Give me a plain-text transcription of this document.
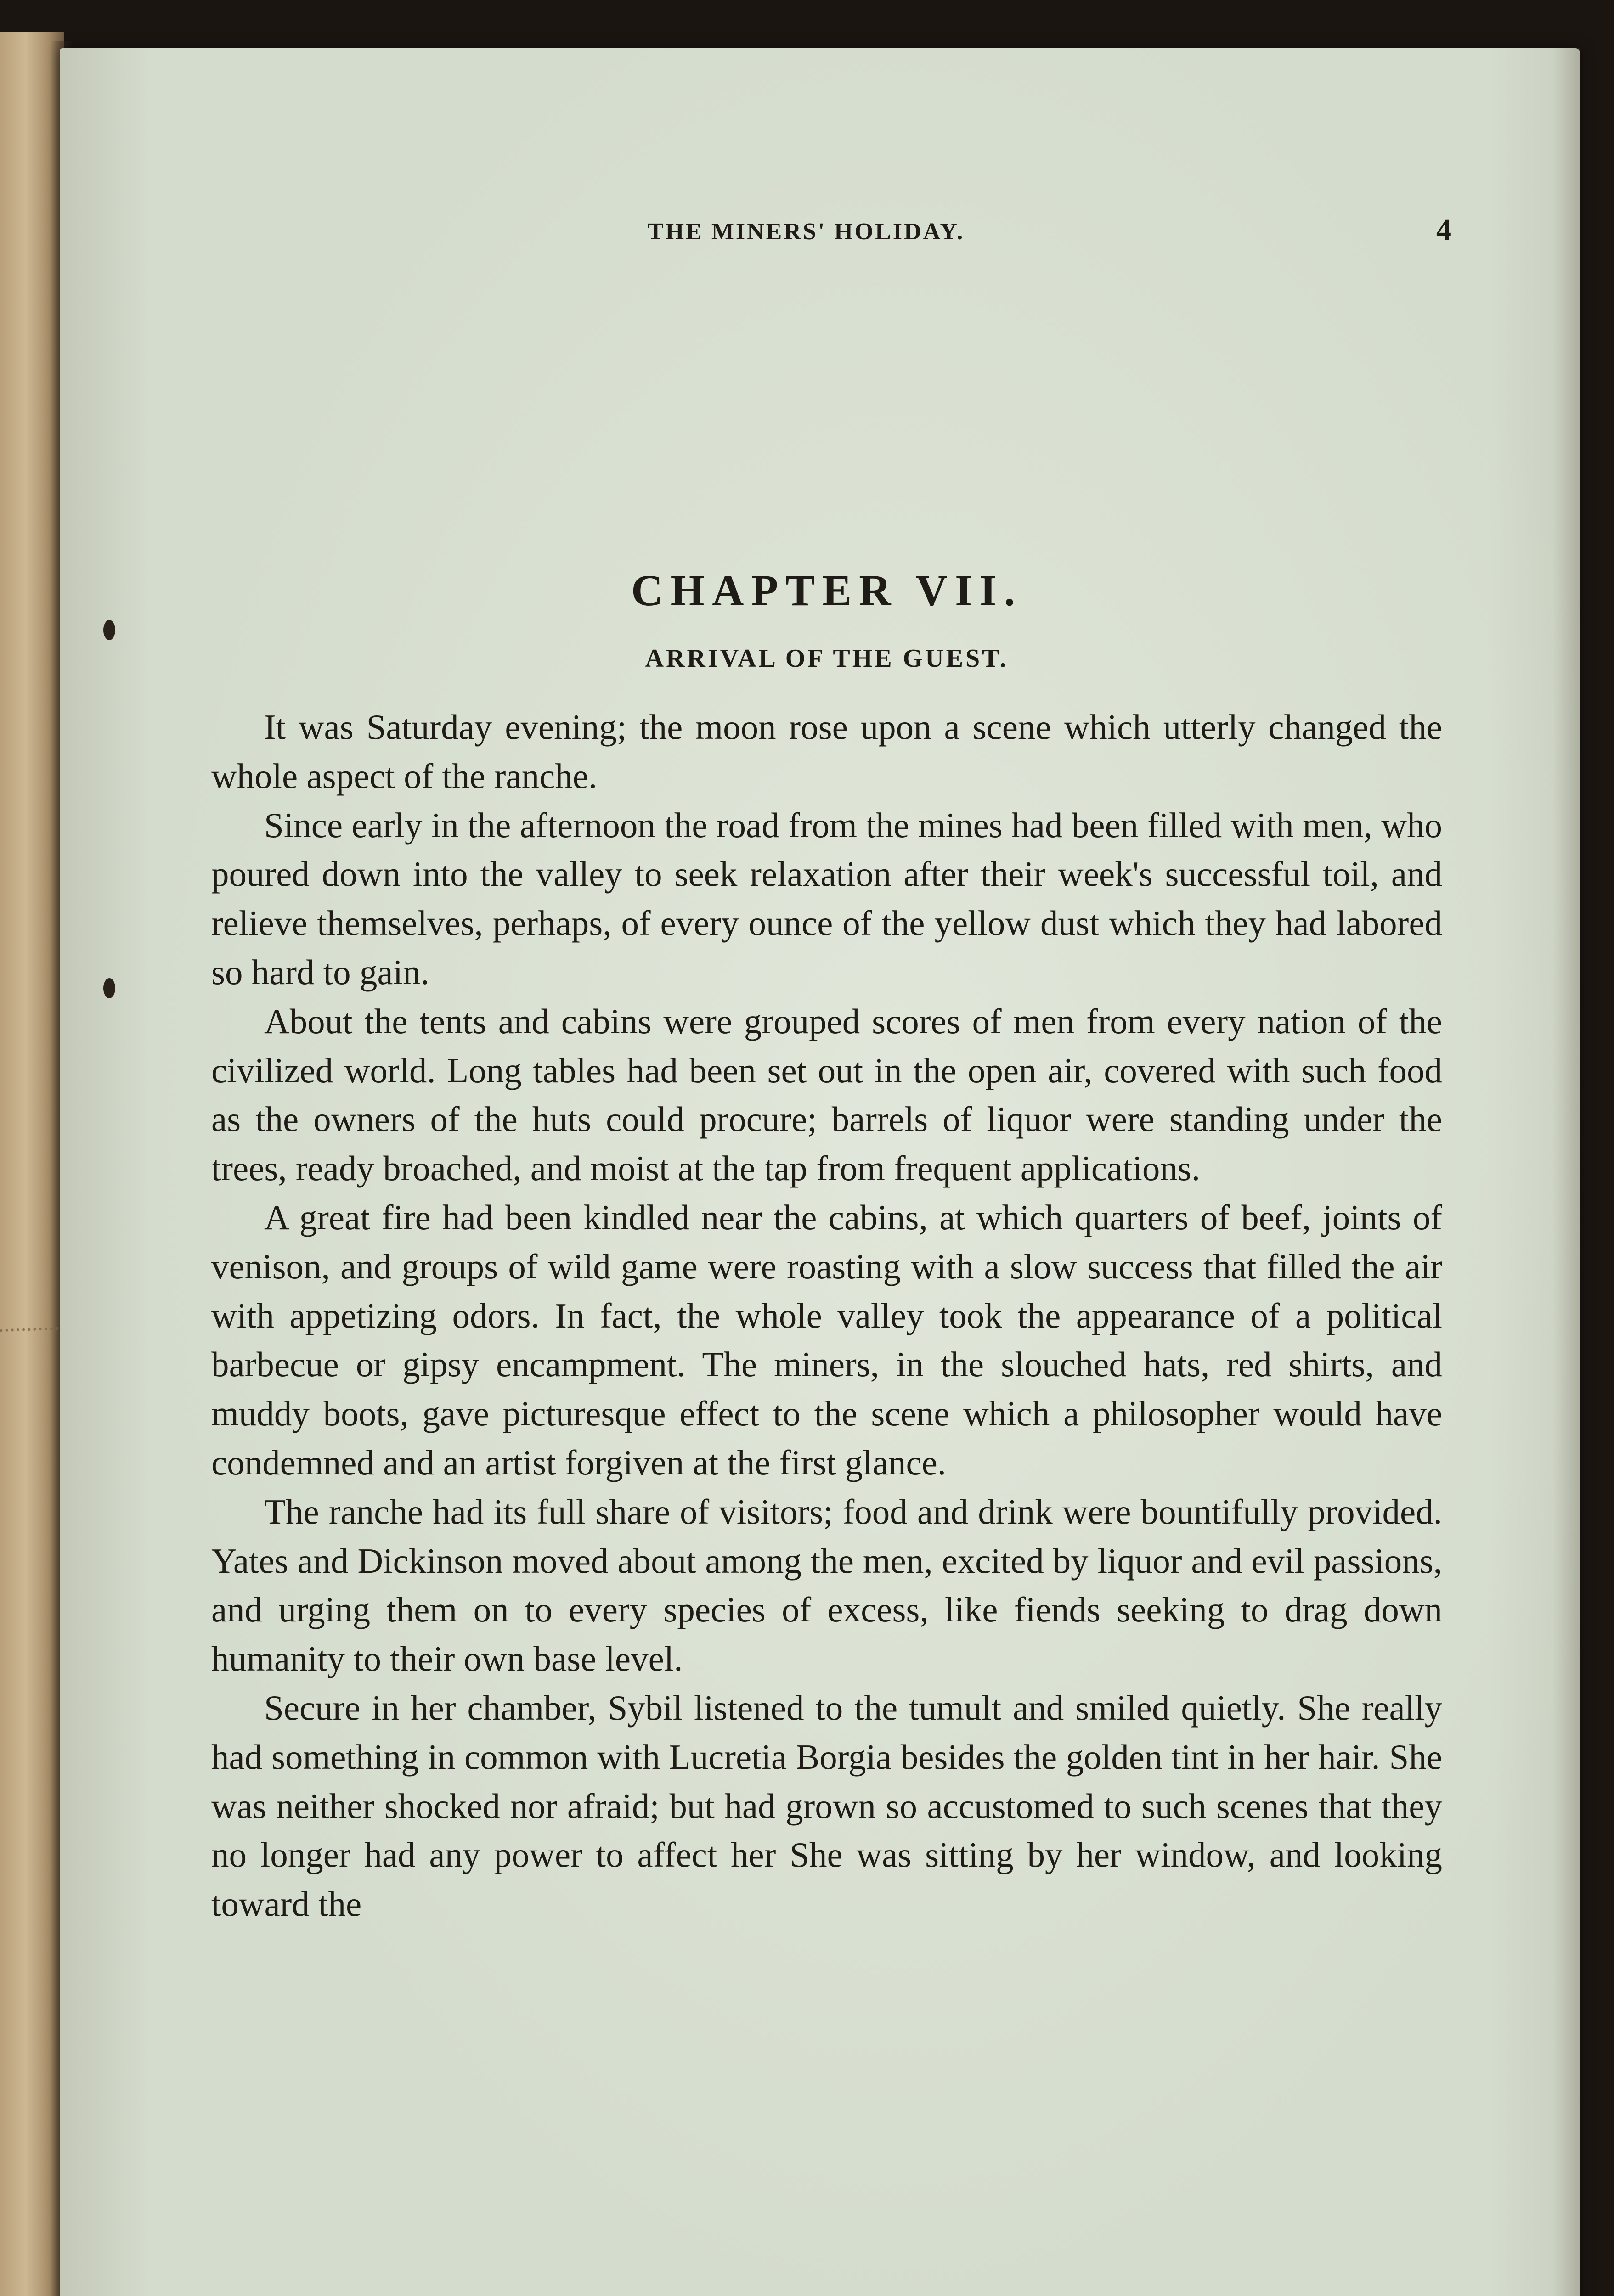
THE MINERS' HOLIDAY.	4
CHAPTER VII.
ARRIVAL OF THE GUEST.

It was Saturday evening; the moon rose upon a scene which utterly changed the whole aspect of the ranche.

Since early in the afternoon the road from the mines had been filled with men, who poured down into the valley to seek relaxation after their week's successful toil, and relieve themselves, perhaps, of every ounce of the yellow dust which they had labored so hard to gain.

About the tents and cabins were grouped scores of men from every nation of the civilized world. Long tables had been set out in the open air, covered with such food as the owners of the huts could procure; barrels of liquor were standing under the trees, ready broached, and moist at the tap from frequent applications.

A great fire had been kindled near the cabins, at which quarters of beef, joints of venison, and groups of wild game were roasting with a slow success that filled the air with appetizing odors. In fact, the whole valley took the appearance of a political barbecue or gipsy encampment. The miners, in the slouched hats, red shirts, and muddy boots, gave picturesque effect to the scene which a philosopher would have condemned and an artist forgiven at the first glance.

The ranche had its full share of visitors; food and drink were bountifully provided. Yates and Dickinson moved about among the men, excited by liquor and evil passions, and urging them on to every species of excess, like fiends seeking to drag down humanity to their own base level.

Secure in her chamber, Sybil listened to the tumult and smiled quietly. She really had something in common with Lucretia Borgia besides the golden tint in her hair. She was neither shocked nor afraid; but had grown so accustomed to such scenes that they no longer had any power to affect her She was sitting by her window, and looking toward the
